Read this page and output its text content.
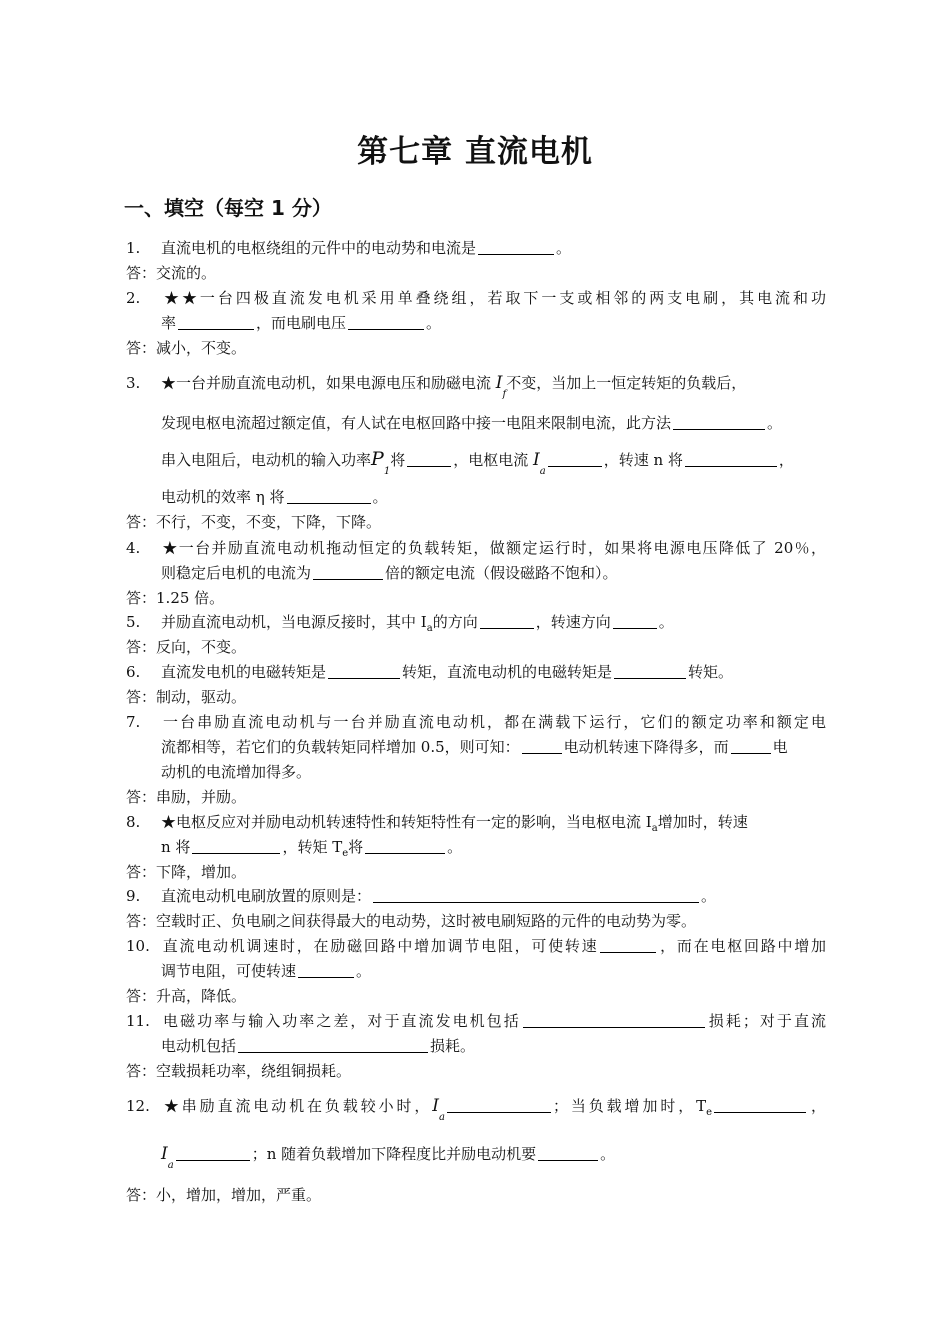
第七章 直流电机
一、填空（每空 1 分）
1. 直流电机的电枢绕组的元件中的电动势和电流是	。
答：交流的。
2. ★★一台四极直流发电机采用单叠绕组，若取下一支或相邻的两支电刷，其电流和功
率	，而电刷电压	。
答：减小，不变。
3. ★一台并励直流电动机，如果电源电压和励磁电流 $I_f$不变，当加上一恒定转矩的负载后，
发现电枢电流超过额定值，有人试在电枢回路中接一电阻来限制电流，此方法	。
串入电阻后，电动机的输入功率$P_1$将	，电枢电流 $I_a$，转速 n 将	，
电动机的效率 η 将	。
答：不行，不变，不变，下降，下降。
4. ★一台并励直流电动机拖动恒定的负载转矩，做额定运行时，如果将电源电压降低了 20％，
则稳定后电机的电流为	倍的额定电流（假设磁路不饱和）。
答：1.25 倍。
5. 并励直流电动机，当电源反接时，其中 $I_a$的方向	，转速方向	。
答：反向，不变。
6. 直流发电机的电磁转矩是	转矩，直流电动机的电磁转矩是	转矩。
答：制动，驱动。
7. 一台串励直流电动机与一台并励直流电动机，都在满载下运行，它们的额定功率和额定电
流都相等，若它们的负载转矩同样增加 0.5，则可知：	电动机转速下降得多，而	电
动机的电流增加得多。
答：串励，并励。
8. ★电枢反应对并励电动机转速特性和转矩特性有一定的影响，当电枢电流 $I_a$增加时，转速
n 将	，转矩 $T_e$将	。
答：下降，增加。
9. 直流电动机电刷放置的原则是：	。
答：空载时正、负电刷之间获得最大的电动势，这时被电刷短路的元件的电动势为零。
10. 直流电动机调速时，在励磁回路中增加调节电阻，可使转速	，而在电枢回路中增加
调节电阻，可使转速	。
答：升高，降低。
11. 电磁功率与输入功率之差，对于直流发电机包括	损耗；对于直流
电动机包括	损耗。
答：空载损耗功率，绕组铜损耗。
12. ★串励直流电动机在负载较小时，$I_a$；当负载增加时，$T_e$	，
$I_a$；n 随着负载增加下降程度比并励电动机要	。
答：小，增加，增加，严重。
